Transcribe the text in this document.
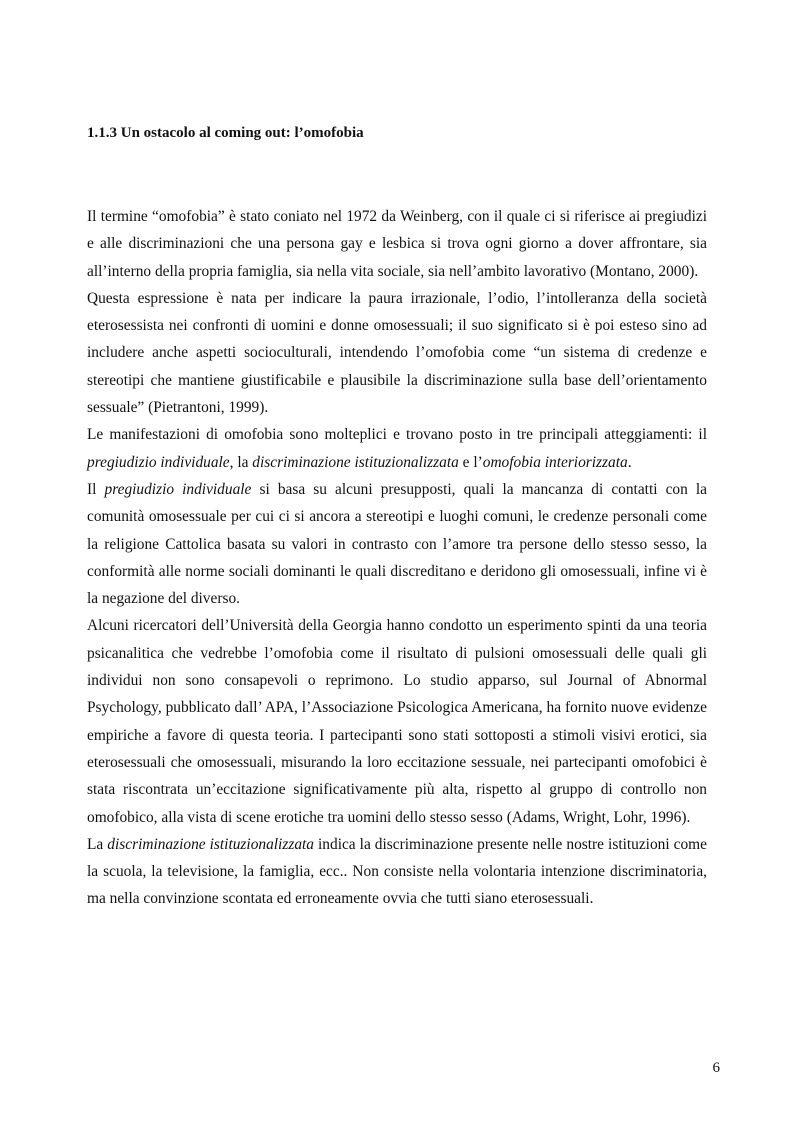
1.1.3 Un ostacolo al coming out: l’omofobia

Il termine “omofobia” è stato coniato nel 1972 da Weinberg, con il quale ci si riferisce ai pregiudizi e alle discriminazioni che una persona gay e lesbica si trova ogni giorno a dover affrontare, sia all’interno della propria famiglia, sia nella vita sociale, sia nell’ambito lavorativo (Montano, 2000).

Questa espressione è nata per indicare la paura irrazionale, l’odio, l’intolleranza della società eterosessista nei confronti di uomini e donne omosessuali; il suo significato si è poi esteso sino ad includere anche aspetti socioculturali, intendendo l’omofobia come “un sistema di credenze e stereotipi che mantiene giustificabile e plausibile la discriminazione sulla base dell’orientamento sessuale” (Pietrantoni, 1999).

Le manifestazioni di omofobia sono molteplici e trovano posto in tre principali atteggiamenti: il pregiudizio individuale, la discriminazione istituzionalizzata e l’omofobia interiorizzata.

Il pregiudizio individuale si basa su alcuni presupposti, quali la mancanza di contatti con la comunità omosessuale per cui ci si ancora a stereotipi e luoghi comuni, le credenze personali come la religione Cattolica basata su valori in contrasto con l’amore tra persone dello stesso sesso, la conformità alle norme sociali dominanti le quali discreditano e deridono gli omosessuali, infine vi è la negazione del diverso.

Alcuni ricercatori dell’Università della Georgia hanno condotto un esperimento spinti da una teoria psicanalitica che vedrebbe l’omofobia come il risultato di pulsioni omosessuali delle quali gli individui non sono consapevoli o reprimono. Lo studio apparso, sul Journal of Abnormal Psychology, pubblicato dall’ APA, l’Associazione Psicologica Americana, ha fornito nuove evidenze empiriche a favore di questa teoria. I partecipanti sono stati sottoposti a stimoli visivi erotici, sia eterosessuali che omosessuali, misurando la loro eccitazione sessuale, nei partecipanti omofobici è stata riscontrata un’eccitazione significativamente più alta, rispetto al gruppo di controllo non omofobico, alla vista di scene erotiche tra uomini dello stesso sesso (Adams, Wright, Lohr, 1996).

La discriminazione istituzionalizzata indica la discriminazione presente nelle nostre istituzioni come la scuola, la televisione, la famiglia, ecc.. Non consiste nella volontaria intenzione discriminatoria, ma nella convinzione scontata ed erroneamente ovvia che tutti siano eterosessuali.

6
